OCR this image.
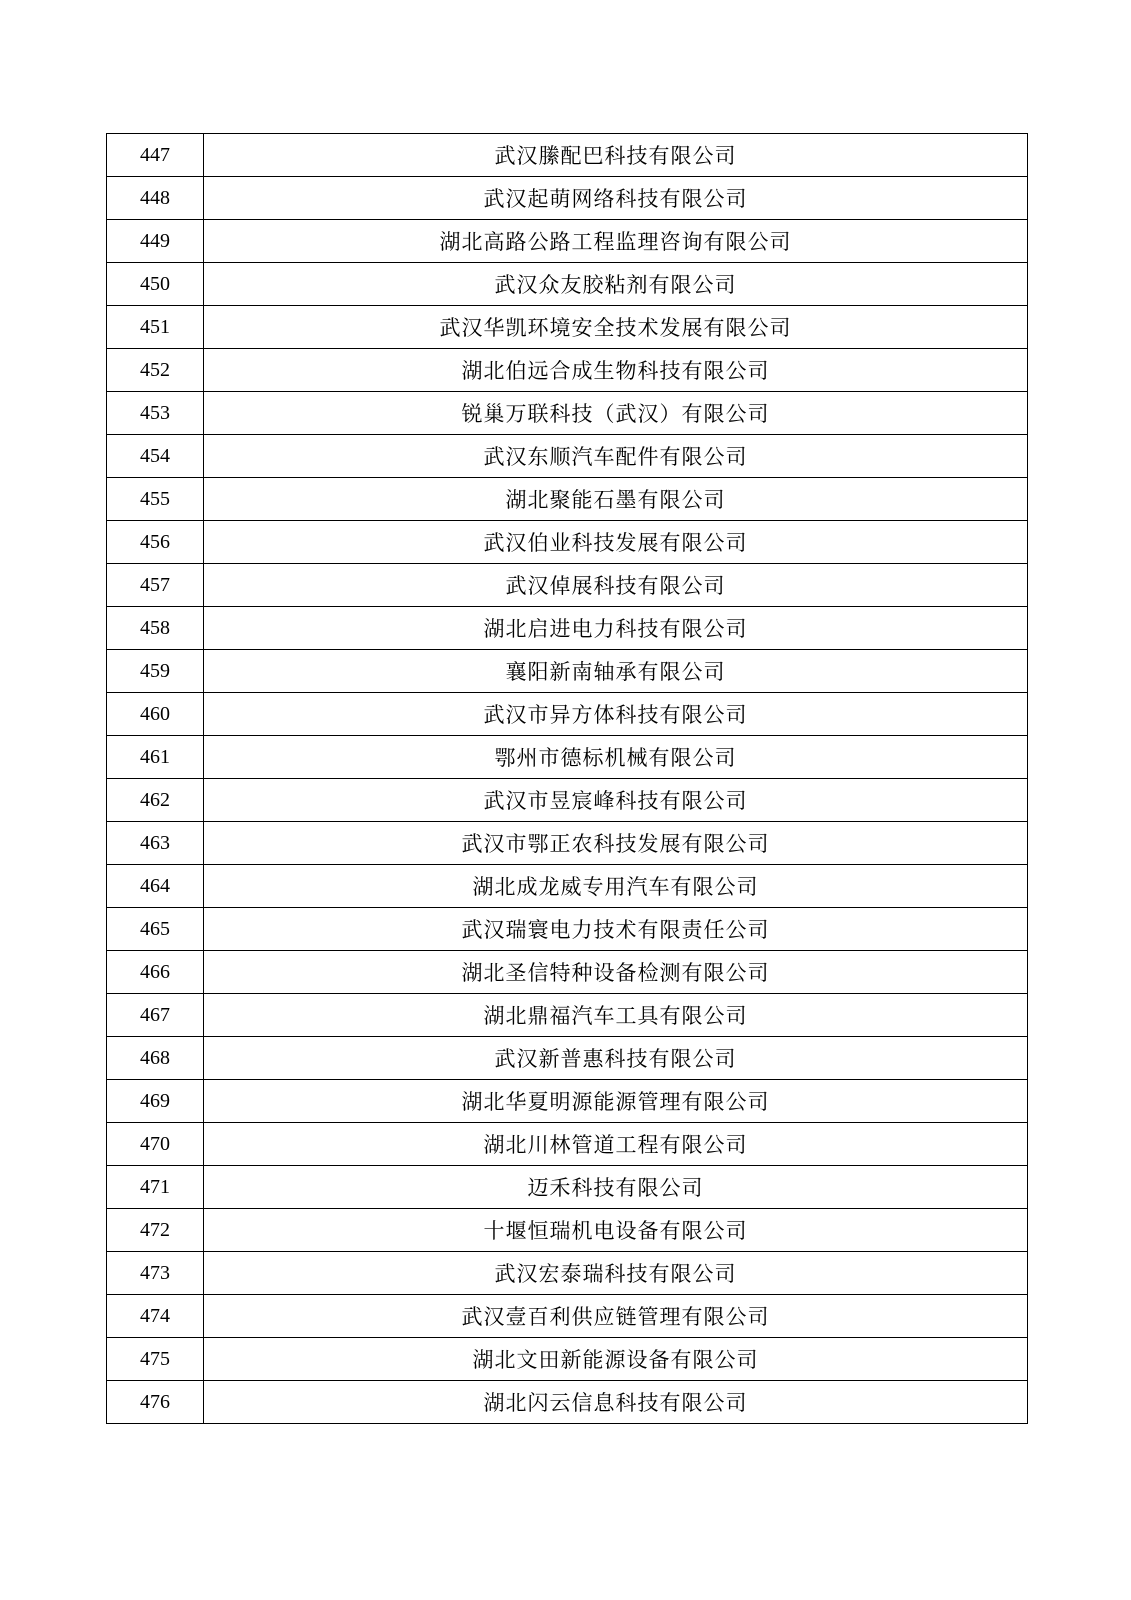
447	武汉縢配巴科技有限公司
448	武汉起萌网络科技有限公司
449	湖北高路公路工程监理咨询有限公司
450	武汉众友胶粘剂有限公司
451	武汉华凯环境安全技术发展有限公司
452	湖北伯远合成生物科技有限公司
453	锐巢万联科技（武汉）有限公司
454	武汉东顺汽车配件有限公司
455	湖北聚能石墨有限公司
456	武汉伯业科技发展有限公司
457	武汉倬展科技有限公司
458	湖北启进电力科技有限公司
459	襄阳新南轴承有限公司
460	武汉市异方体科技有限公司
461	鄂州市德标机械有限公司
462	武汉市昱宸峰科技有限公司
463	武汉市鄂正农科技发展有限公司
464	湖北成龙威专用汽车有限公司
465	武汉瑞寰电力技术有限责任公司
466	湖北圣信特种设备检测有限公司
467	湖北鼎福汽车工具有限公司
468	武汉新普惠科技有限公司
469	湖北华夏明源能源管理有限公司
470	湖北川林管道工程有限公司
471	迈禾科技有限公司
472	十堰恒瑞机电设备有限公司
473	武汉宏泰瑞科技有限公司
474	武汉壹百利供应链管理有限公司
475	湖北文田新能源设备有限公司
476	湖北闪云信息科技有限公司
